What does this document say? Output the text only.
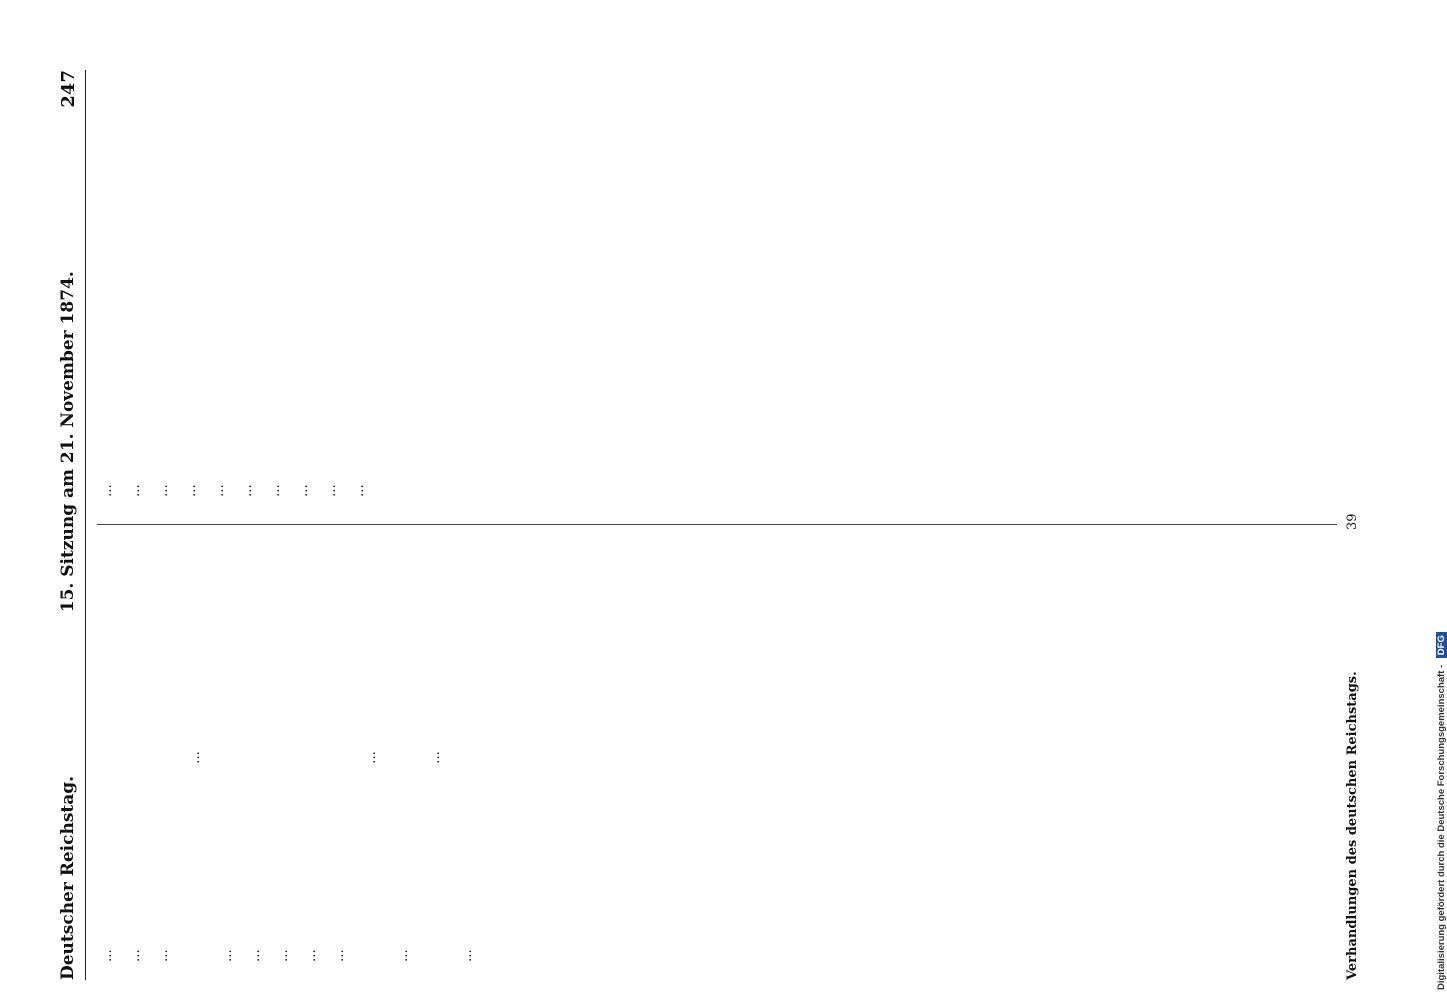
Deutscher Reichstag.
15. Sitzung am 21. November 1874.
247

... ... ...

...

... ... ... ... ...

...

...

...

...

... ... ... ... ... ... ... ... ... ...

Verhandlungen des deutschen Reichstags.
39
Digitalisierung gefördert durch die Deutsche Forschungsgemeinschaft - DFG
